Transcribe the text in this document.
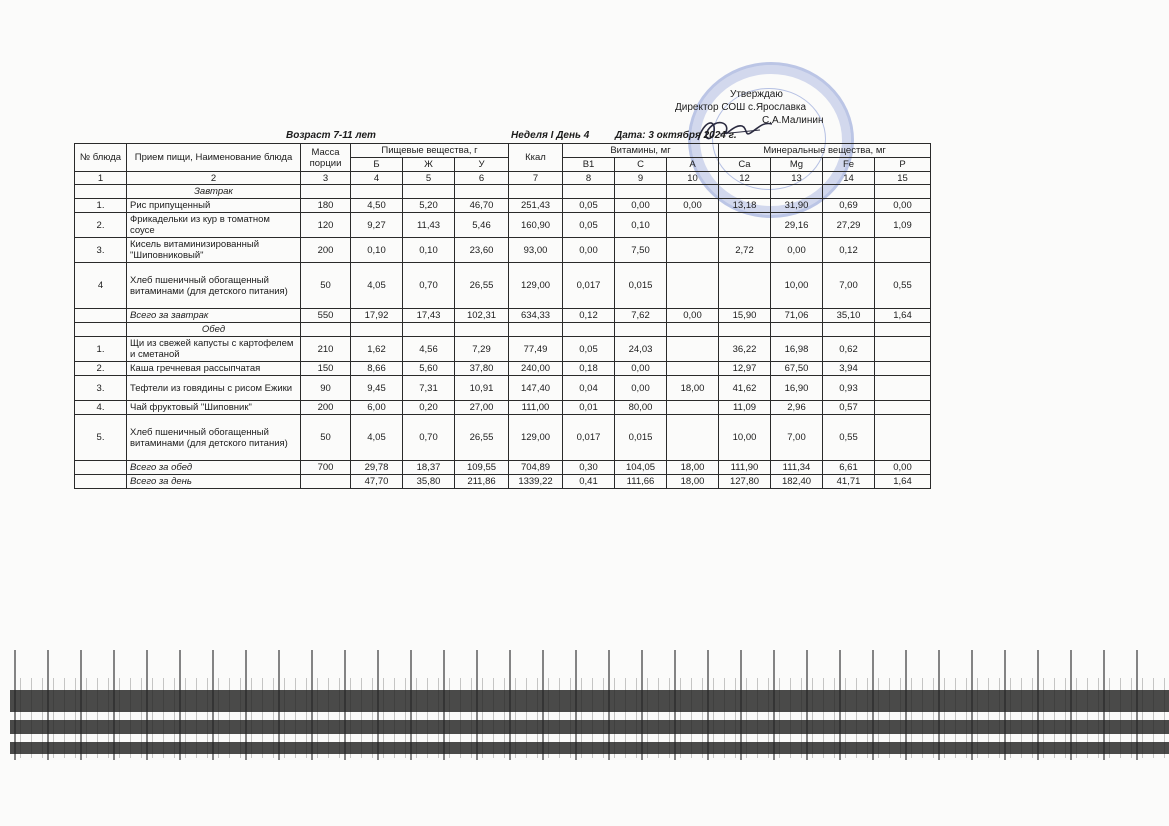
Утверждаю
Директор СОШ с.Ярославка
С.А.Малинин
Возраст 7-11 лет	Неделя I День 4	Дата: 3 октября 2024 г.
№ блюда	Прием пищи, Наименование блюда	Масса порции	Пищевые вещества, г			Ккал	Витамины, мг			Минеральные вещества, мг			
			Б	Ж	У		В1	С	А	Ca	Mg	Fe	P
1	2	3	4	5	6	7	8	9	10	12	13	14	15
	Завтрак												
1.	Рис припущенный	180	4,50	5,20	46,70	251,43	0,05	0,00	0,00	13,18	31,90	0,69	0,00
2.	Фрикадельки из кур в томатном соусе	120	9,27	11,43	5,46	160,90	0,05	0,10			29,16	27,29	1,09
3.	Кисель витаминизированный "Шиповниковый"	200	0,10	0,10	23,60	93,00	0,00	7,50		2,72	0,00	0,12	
4	Хлеб пшеничный обогащенный витаминами (для детского питания)	50	4,05	0,70	26,55	129,00	0,017	0,015			10,00	7,00	0,55
	Всего за завтрак	550	17,92	17,43	102,31	634,33	0,12	7,62	0,00	15,90	71,06	35,10	1,64
	Обед												
1.	Щи из свежей капусты с картофелем и сметаной	210	1,62	4,56	7,29	77,49	0,05	24,03		36,22	16,98	0,62	
2.	Каша гречневая рассыпчатая	150	8,66	5,60	37,80	240,00	0,18	0,00		12,97	67,50	3,94	
3.	Тефтели из говядины с рисом Ежики	90	9,45	7,31	10,91	147,40	0,04	0,00	18,00	41,62	16,90	0,93	
4.	Чай фруктовый "Шиповник"	200	6,00	0,20	27,00	111,00	0,01	80,00		11,09	2,96	0,57	
5.	Хлеб пшеничный обогащенный витаминами (для детского питания)	50	4,05	0,70	26,55	129,00	0,017	0,015		10,00	7,00	0,55	
	Всего за обед	700	29,78	18,37	109,55	704,89	0,30	104,05	18,00	111,90	111,34	6,61	0,00
	Всего за день		47,70	35,80	211,86	1339,22	0,41	111,66	18,00	127,80	182,40	41,71	1,64
